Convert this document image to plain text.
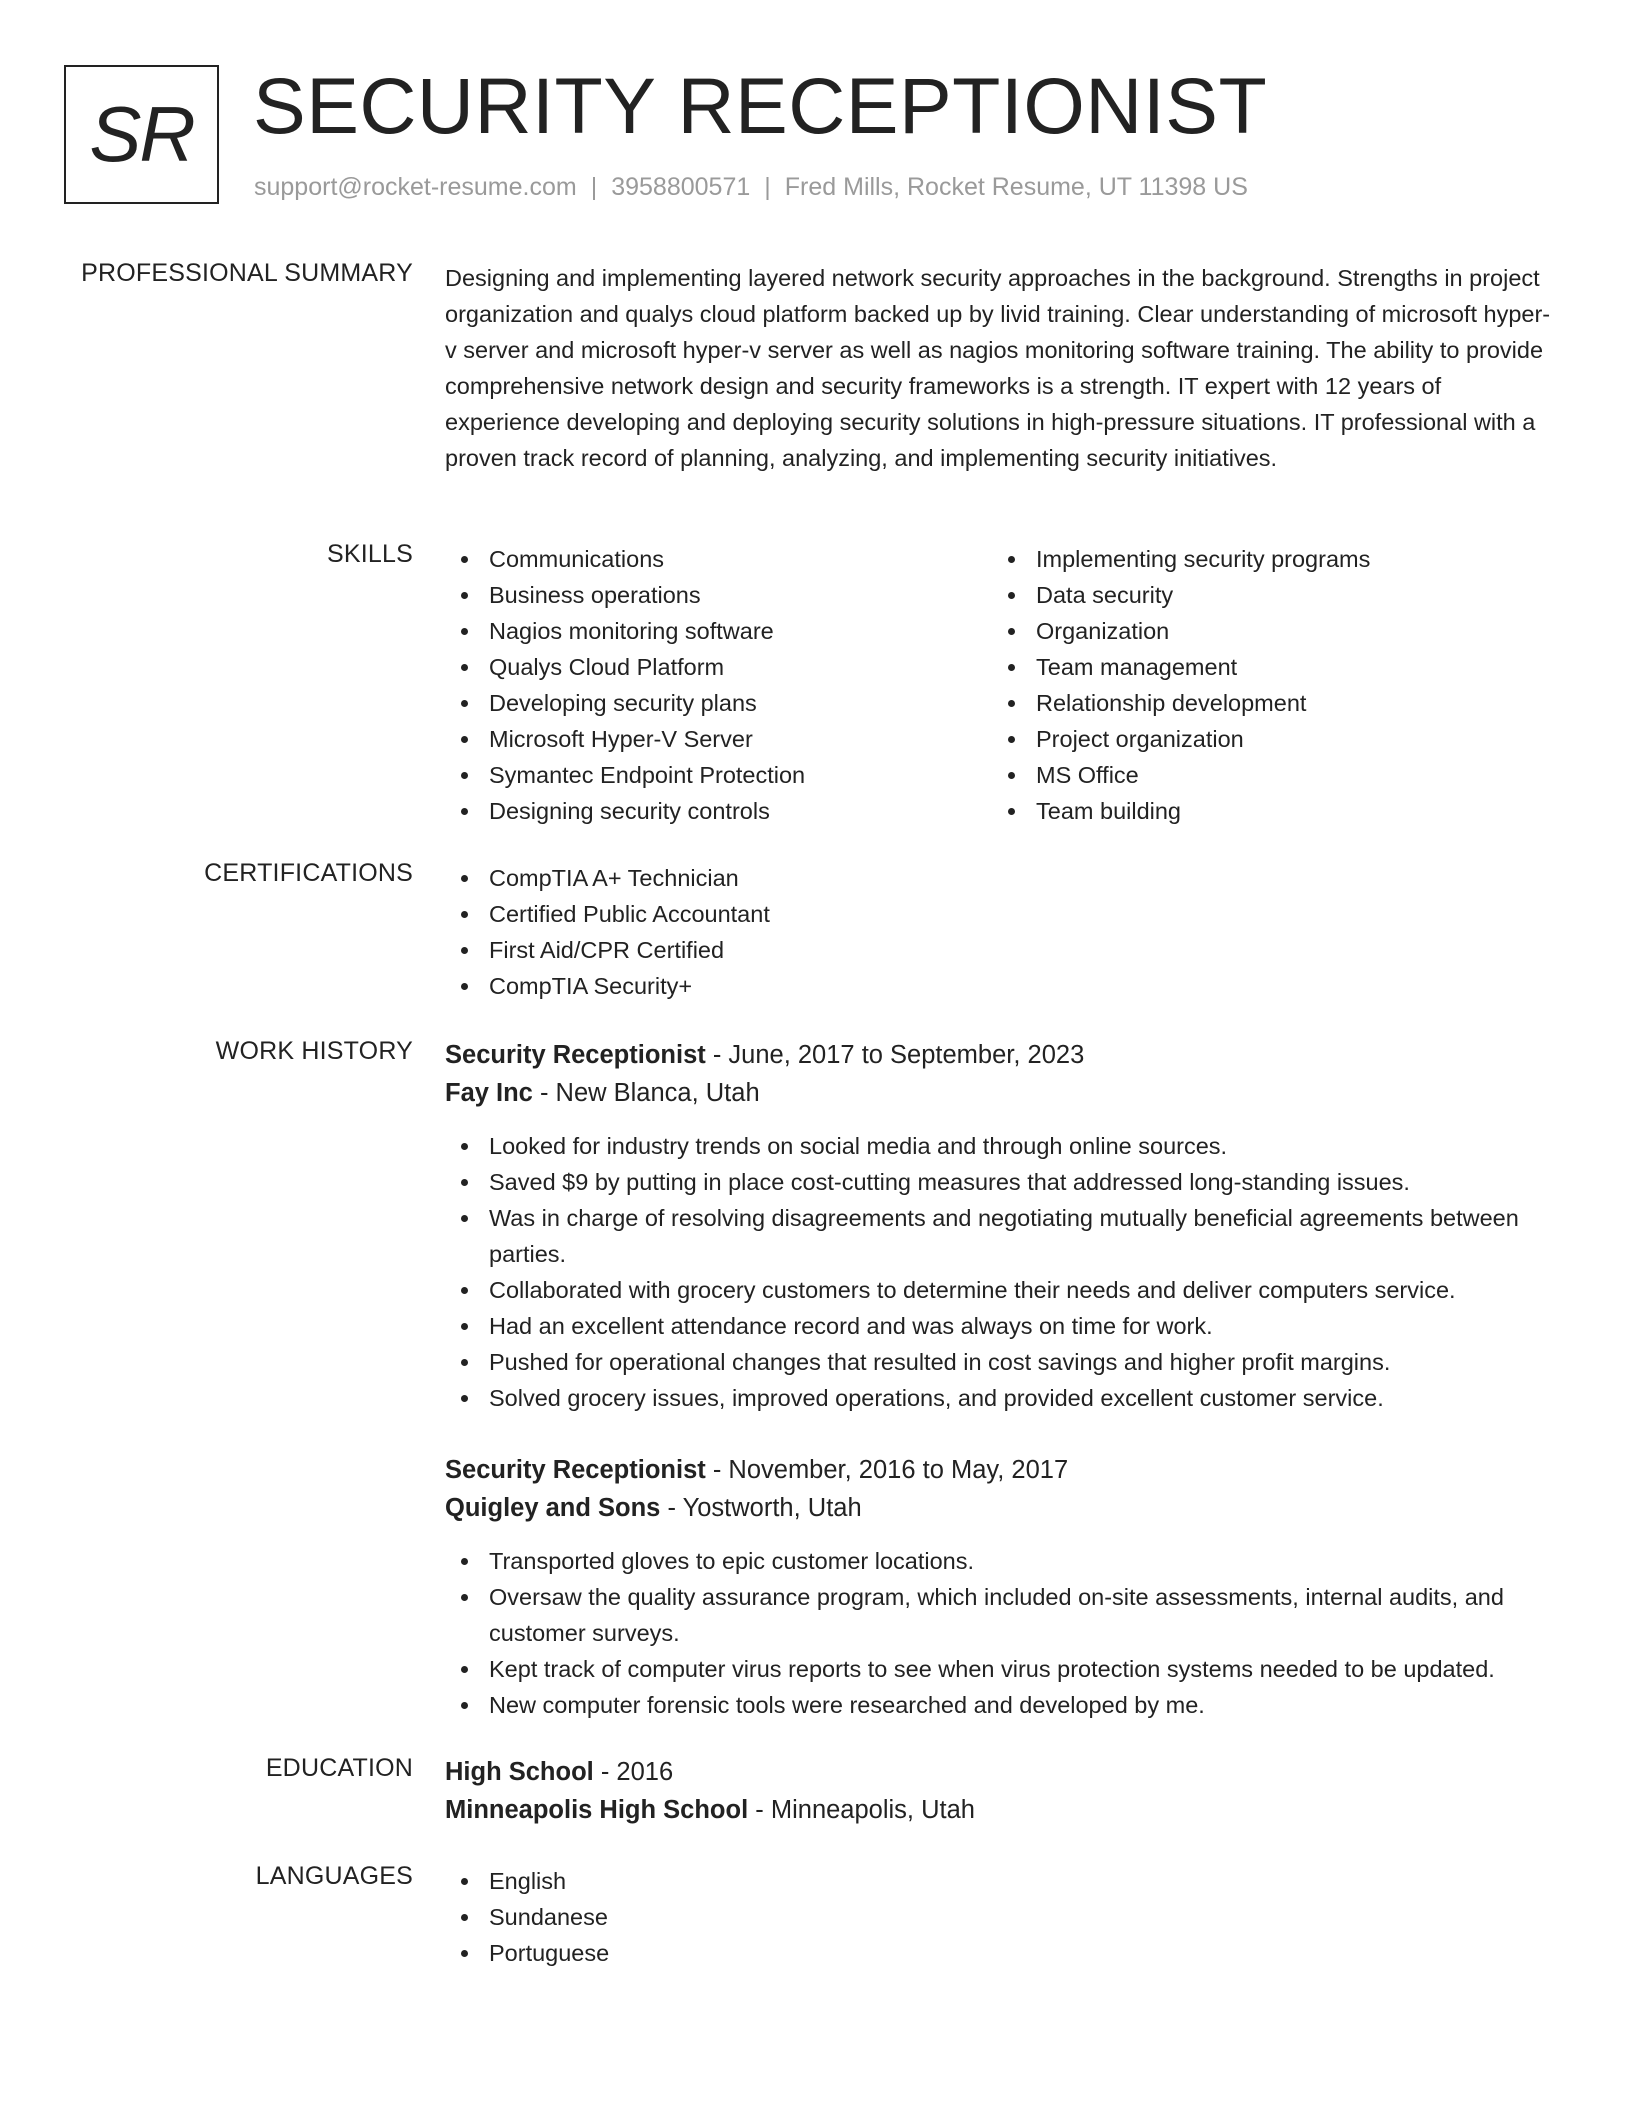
SR SECURITY RECEPTIONIST
support@rocket-resume.com | 3958800571 | Fred Mills, Rocket Resume, UT 11398 US
PROFESSIONAL SUMMARY Designing and implementing layered network security approaches in the background. Strengths in project organization and qualys cloud platform backed up by livid training. Clear understanding of microsoft hyper-v server and microsoft hyper-v server as well as nagios monitoring software training. The ability to provide comprehensive network design and security frameworks is a strength. IT expert with 12 years of experience developing and deploying security solutions in high-pressure situations. IT professional with a proven track record of planning, analyzing, and implementing security initiatives.

SKILLS	Communications
Business operations
Nagios monitoring software
Qualys Cloud Platform
Developing security plans
Microsoft Hyper-V Server
Symantec Endpoint Protection
Designing security controls
Implementing security programs
Data security
Organization
Team management
Relationship development
Project organization
MS Office
Team building
CERTIFICATIONS	CompTIA A+ Technician
Certified Public Accountant
First Aid/CPR Certified
CompTIA Security+
WORK HISTORY Security Receptionist - June, 2017 to September, 2023
Fay Inc - New Blanca, Utah
Looked for industry trends on social media and through online sources.
Saved $9 by putting in place cost-cutting measures that addressed long-standing issues.
Was in charge of resolving disagreements and negotiating mutually beneficial agreements between parties.
Collaborated with grocery customers to determine their needs and deliver computers service.
Had an excellent attendance record and was always on time for work.
Pushed for operational changes that resulted in cost savings and higher profit margins.
Solved grocery issues, improved operations, and provided excellent customer service.
Security Receptionist - November, 2016 to May, 2017
Quigley and Sons - Yostworth, Utah
Transported gloves to epic customer locations.
Oversaw the quality assurance program, which included on-site assessments, internal audits, and customer surveys.
Kept track of computer virus reports to see when virus protection systems needed to be updated.
New computer forensic tools were researched and developed by me.
EDUCATION High School - 2016
Minneapolis High School - Minneapolis, Utah
LANGUAGES	English
Sundanese
Portuguese
